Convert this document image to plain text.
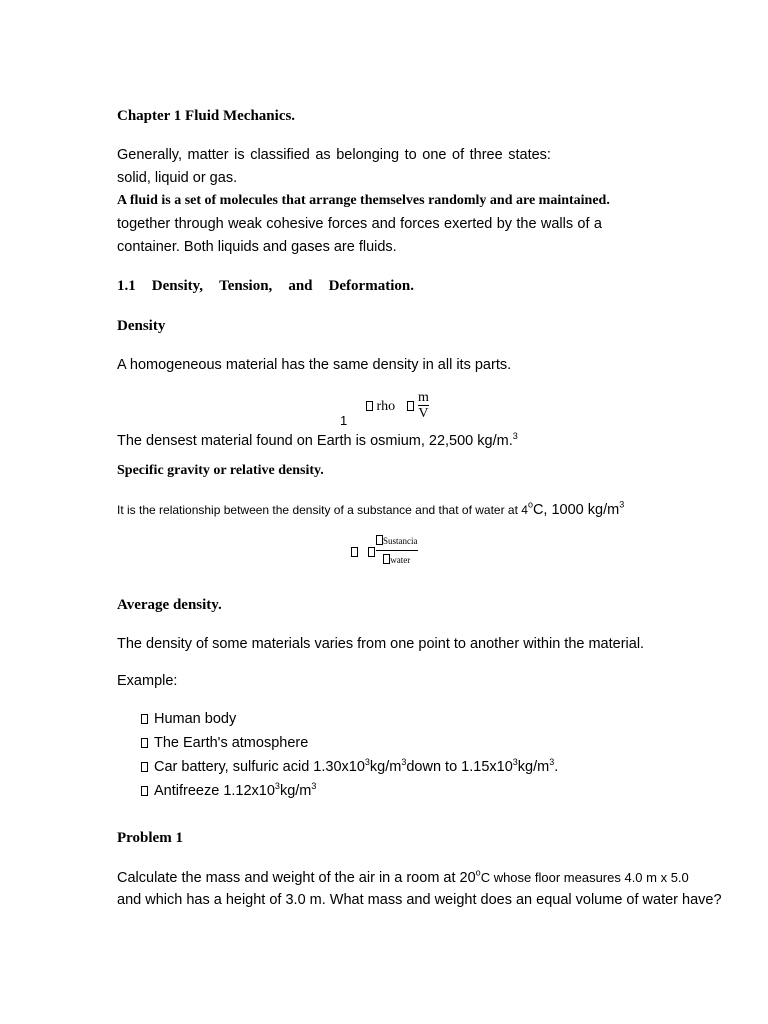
Chapter 1 Fluid Mechanics.
Generally, matter is classified as belonging to one of three states:
solid, liquid or gas.
A fluid is a set of molecules that arrange themselves randomly and are maintained.
together through weak cohesive forces and forces exerted by the walls of a
container. Both liquids and gases are fluids.
1.1 Density, Tension, and Deformation.
Density
A homogeneous material has the same density in all its parts.
1
rho
m
V
The densest material found on Earth is osmium, 22,500 kg/m.$^3$
Specific gravity or relative density.
It is the relationship between the density of a substance and that of water at 4$^o$C, 1000 $kg/m^3$

Sustancia
water
Average density.
The density of some materials varies from one point to another within the material.
Example:
Human body
The Earth's atmosphere
Car battery, sulfuric acid $1.30x10^3kg/m^3down$ to $1.15x10^3kg/m^3$.
Antifreeze $1.12x10^3kg/m^3$
Problem 1
Calculate the mass and weight of the air in a room at 20$^o$C whose floor measures 4.0 m x 5.0
and which has a height of 3.0 m. What mass and weight does an equal volume of water have?
